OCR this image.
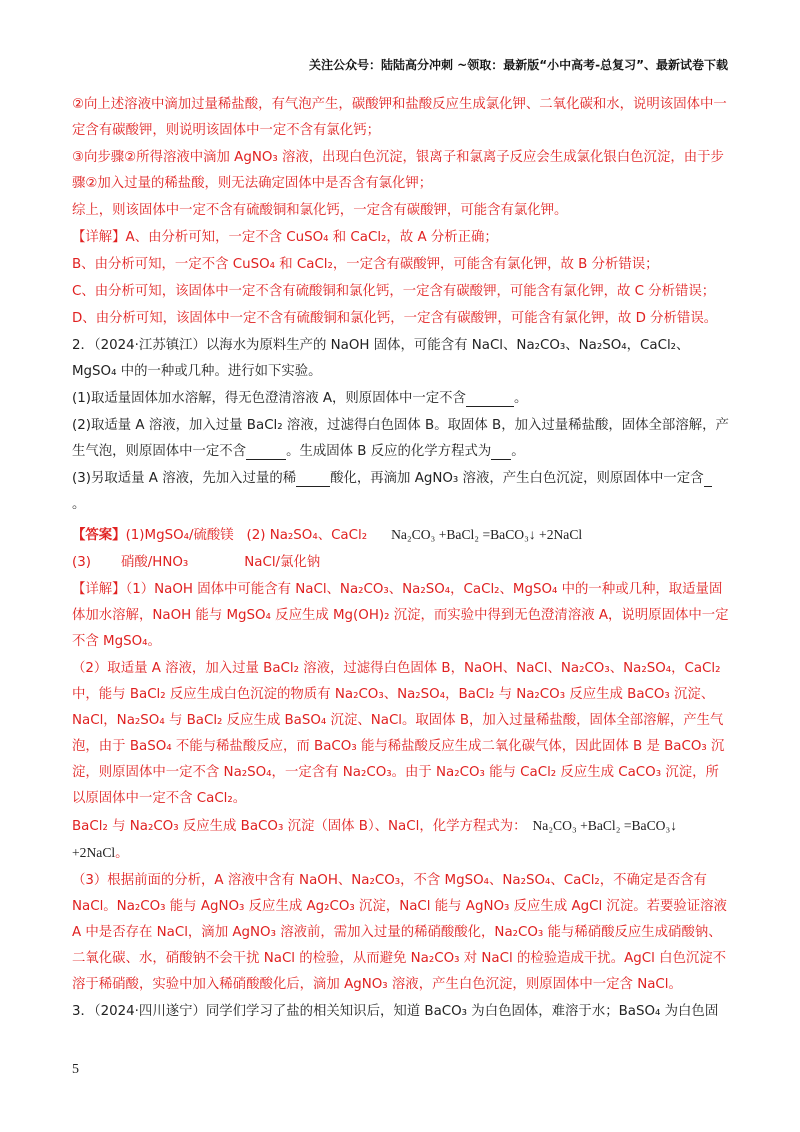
关注公众号：陆陆高分冲刺 ~领取：最新版“小中高考-总复习”、最新试卷下载

②向上述溶液中滴加过量稀盐酸，有气泡产生，碳酸钾和盐酸反应生成氯化钾、二氧化碳和水，说明该固体中一定含有碳酸钾，则说明该固体中一定不含有氯化钙；

③向步骤②所得溶液中滴加 AgNO₃ 溶液，出现白色沉淀，银离子和氯离子反应会生成氯化银白色沉淀，由于步骤②加入过量的稀盐酸，则无法确定固体中是否含有氯化钾；

综上，则该固体中一定不含有硫酸铜和氯化钙，一定含有碳酸钾，可能含有氯化钾。

【详解】A、由分析可知，一定不含 CuSO₄ 和 CaCl₂，故 A 分析正确；

B、由分析可知，一定不含 CuSO₄ 和 CaCl₂，一定含有碳酸钾，可能含有氯化钾，故 B 分析错误；

C、由分析可知，该固体中一定不含有硫酸铜和氯化钙，一定含有碳酸钾，可能含有氯化钾，故 C 分析错误；

D、由分析可知，该固体中一定不含有硫酸铜和氯化钙，一定含有碳酸钾，可能含有氯化钾，故 D 分析错误。

2．（2024·江苏镇江）以海水为原料生产的 NaOH 固体，可能含有 NaCl、Na₂CO₃、Na₂SO₄，CaCl₂、MgSO₄ 中的一种或几种。进行如下实验。

(1)取适量固体加水溶解，得无色澄清溶液 A，则原固体中一定不含	。

(2)取适量 A 溶液，加入过量 BaCl₂ 溶液，过滤得白色固体 B。取固体 B，加入过量稀盐酸，固体全部溶解，产生气泡，则原固体中一定不含	。生成固体 B 反应的化学方程式为 。

(3)另取适量 A 溶液，先加入过量的稀	酸化，再滴加 AgNO₃ 溶液，产生白色沉淀，则原固体中一定含
。

【答案】(1)MgSO₄/硫酸镁 (2) Na₂SO₄、CaCl₂ Na₂CO₃ +BaCl₂ =BaCO₃↓ +2NaCl

(3) 硝酸/HNO₃	NaCl/氯化钠

【详解】（1）NaOH 固体中可能含有 NaCl、Na₂CO₃、Na₂SO₄，CaCl₂、MgSO₄ 中的一种或几种，取适量固体加水溶解，NaOH 能与 MgSO₄ 反应生成 Mg(OH)₂ 沉淀，而实验中得到无色澄清溶液 A，说明原固体中一定不含 MgSO₄。

（2）取适量 A 溶液，加入过量 BaCl₂ 溶液，过滤得白色固体 B，NaOH、NaCl、Na₂CO₃、Na₂SO₄，CaCl₂ 中，能与 BaCl₂ 反应生成白色沉淀的物质有 Na₂CO₃、Na₂SO₄，BaCl₂ 与 Na₂CO₃ 反应生成 BaCO₃ 沉淀、NaCl，Na₂SO₄ 与 BaCl₂ 反应生成 BaSO₄ 沉淀、NaCl。取固体 B，加入过量稀盐酸，固体全部溶解，产生气泡，由于 BaSO₄ 不能与稀盐酸反应，而 BaCO₃ 能与稀盐酸反应生成二氧化碳气体，因此固体 B 是 BaCO₃ 沉淀，则原固体中一定不含 Na₂SO₄，一定含有 Na₂CO₃。由于 Na₂CO₃ 能与 CaCl₂ 反应生成 CaCO₃ 沉淀，所以原固体中一定不含 CaCl₂。

BaCl₂ 与 Na₂CO₃ 反应生成 BaCO₃ 沉淀（固体 B）、NaCl，化学方程式为： Na₂CO₃ +BaCl₂ =BaCO₃↓ +2NaCl。

（3）根据前面的分析，A 溶液中含有 NaOH、Na₂CO₃，不含 MgSO₄、Na₂SO₄、CaCl₂，不确定是否含有 NaCl。Na₂CO₃ 能与 AgNO₃ 反应生成 Ag₂CO₃ 沉淀，NaCl 能与 AgNO₃ 反应生成 AgCl 沉淀。若要验证溶液 A 中是否存在 NaCl，滴加 AgNO₃ 溶液前，需加入过量的稀硝酸酸化，Na₂CO₃ 能与稀硝酸反应生成硝酸钠、二氧化碳、水，硝酸钠不会干扰 NaCl 的检验，从而避免 Na₂CO₃ 对 NaCl 的检验造成干扰。AgCl 白色沉淀不溶于稀硝酸，实验中加入稀硝酸酸化后，滴加 AgNO₃ 溶液，产生白色沉淀，则原固体中一定含 NaCl。

3．（2024·四川遂宁）同学们学习了盐的相关知识后，知道 BaCO₃ 为白色固体，难溶于水；BaSO₄ 为白色固

5
